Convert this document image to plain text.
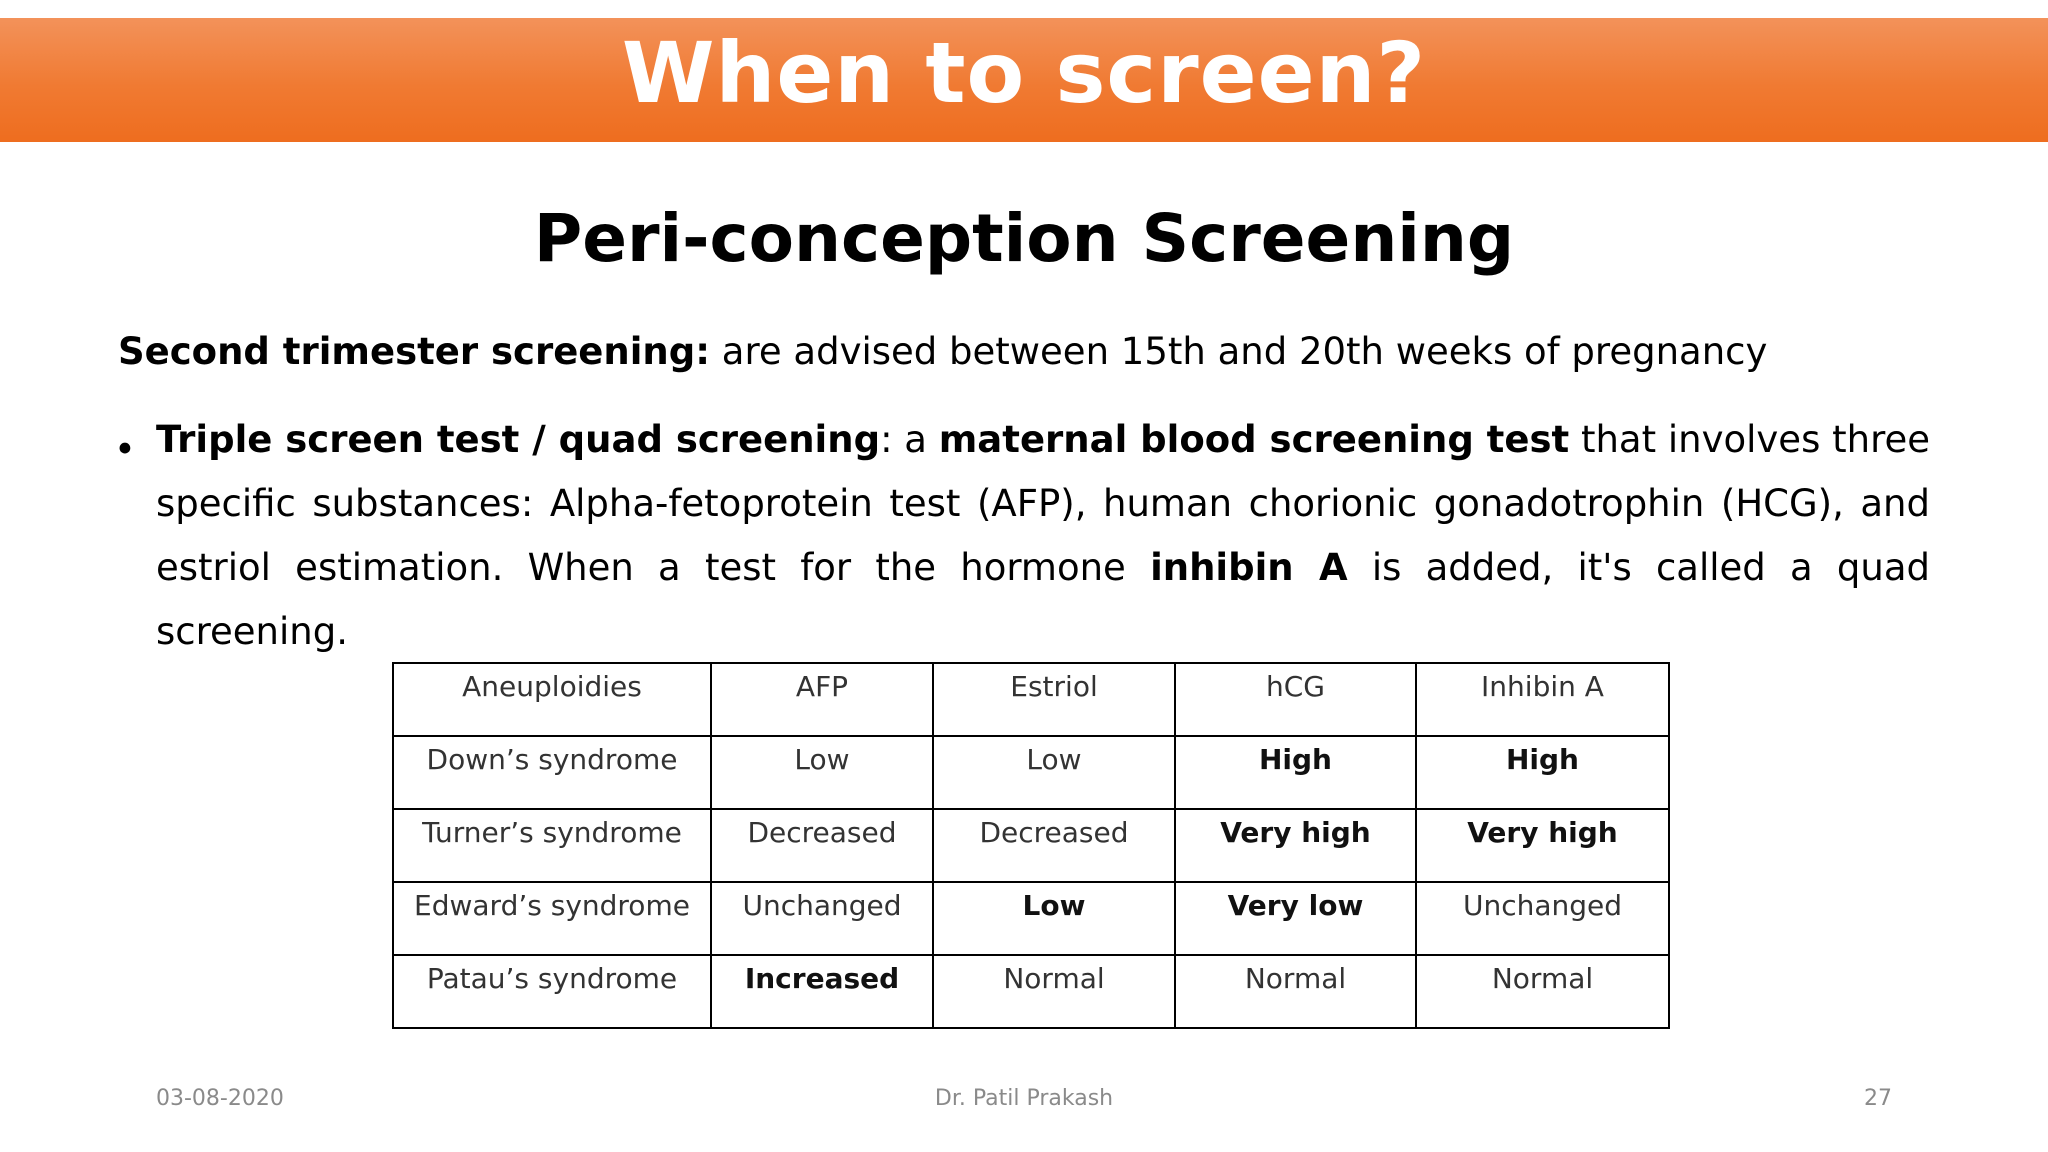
When to screen?
Peri-conception Screening
Second trimester screening: are advised between 15th and 20th weeks of pregnancy
• Triple screen test / quad screening: a maternal blood screening test that involves three specific substances: Alpha-fetoprotein test (AFP), human chorionic gonadotrophin (HCG), and estriol estimation. When a test for the hormone inhibin A is added, it's called a quad screening.
Aneuploidies	AFP	Estriol	hCG	Inhibin A
Down’s syndrome	Low	Low	High	High
Turner’s syndrome	Decreased	Decreased	Very high	Very high
Edward’s syndrome	Unchanged	Low	Very low	Unchanged
Patau’s syndrome	Increased	Normal	Normal	Normal
03-08-2020	Dr. Patil Prakash	27
